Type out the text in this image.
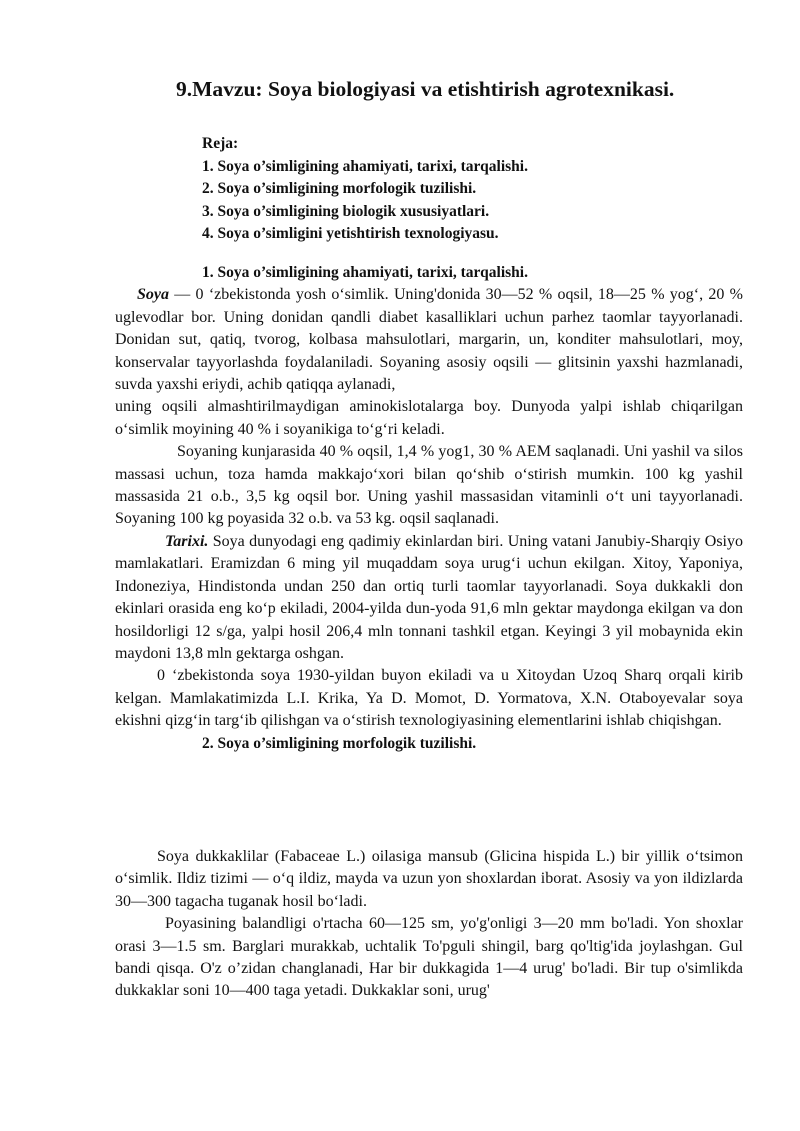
9.Mavzu: Soya biologiyasi va etishtirish agrotexnikasi.
Reja:
1. Soya o’simligining ahamiyati, tarixi, tarqalishi.
2. Soya o’simligining morfologik tuzilishi.
3. Soya o’simligining biologik xususiyatlari.
4. Soya o’simligini yetishtirish texnologiyasu.
1. Soya o’simligining ahamiyati, tarixi, tarqalishi.

Soya — 0 ‘zbekistonda yosh o‘simlik. Uning'donida 30—52 % oqsil, 18—25 % yog‘, 20 % uglevodlar bor. Uning donidan qandli diabet kasalliklari uchun parhez taomlar tayyorlanadi. Donidan sut, qatiq, tvorog, kolbasa mahsulotlari, margarin, un, konditer mahsulotlari, moy, konservalar tayyorlashda foydalaniladi. Soyaning asosiy oqsili — glitsinin yaxshi hazmlanadi, suvda yaxshi eriydi, achib qatiqqa aylanadi,

uning oqsili almashtirilmaydigan aminokislotalarga boy. Dunyoda yalpi ishlab chiqarilgan o‘simlik moyining 40 % i soyanikiga to‘g‘ri keladi.

Soyaning kunjarasida 40 % oqsil, 1,4 % yog1, 30 % AEM saqlanadi. Uni yashil va silos massasi uchun, toza hamda makkajo‘xori bilan qo‘shib o‘stirish mumkin. 100 kg yashil massasida 21 o.b., 3,5 kg oqsil bor. Uning yashil massasidan vitaminli o‘t uni tayyorlanadi. Soyaning 100 kg poyasida 32 o.b. va 53 kg. oqsil saqlanadi.

Tarixi. Soya dunyodagi eng qadimiy ekinlardan biri. Uning vatani Janubiy-Sharqiy Osiyo mamlakatlari. Eramizdan 6 ming yil muqaddam soya urug‘i uchun ekilgan. Xitoy, Yaponiya, Indoneziya, Hindistonda undan 250 dan ortiq turli taomlar tayyorlanadi. Soya dukkakli don ekinlari orasida eng ko‘p ekiladi, 2004-yilda dun-yoda 91,6 mln gektar maydonga ekilgan va don hosildorligi 12 s/ga, yalpi hosil 206,4 mln tonnani tashkil etgan. Keyingi 3 yil mobaynida ekin maydoni 13,8 mln gektarga oshgan.

0 ‘zbekistonda soya 1930-yildan buyon ekiladi va u Xitoydan Uzoq Sharq orqali kirib kelgan. Mamlakatimizda L.I. Krika, Ya D. Momot, D. Yormatova, X.N. Otaboyevalar soya ekishni qizg‘in targ‘ib qilishgan va o‘stirish texnologiyasining elementlarini ishlab chiqishgan.

2. Soya o’simligining morfologik tuzilishi.

Soya dukkaklilar (Fabaceae L.) oilasiga mansub (Glicina hispida L.) bir yillik o‘tsimon o‘simlik. Ildiz tizimi — o‘q ildiz, mayda va uzun yon shoxlardan iborat. Asosiy va yon ildizlarda 30—300 tagacha tuganak hosil bo‘ladi.

Poyasining balandligi o'rtacha 60—125 sm, yo'g'onligi 3—20 mm bo'ladi. Yon shoxlar orasi 3—1.5 sm. Barglari murakkab, uchtalik To'pguli shingil, barg qo'ltig'ida joylashgan. Gul bandi qisqa. O'z o’zidan changlanadi, Har bir dukkagida 1―4 urug' bo'ladi. Bir tup o'simlikda dukkaklar soni 10―400 taga yetadi. Dukkaklar soni, urug'
